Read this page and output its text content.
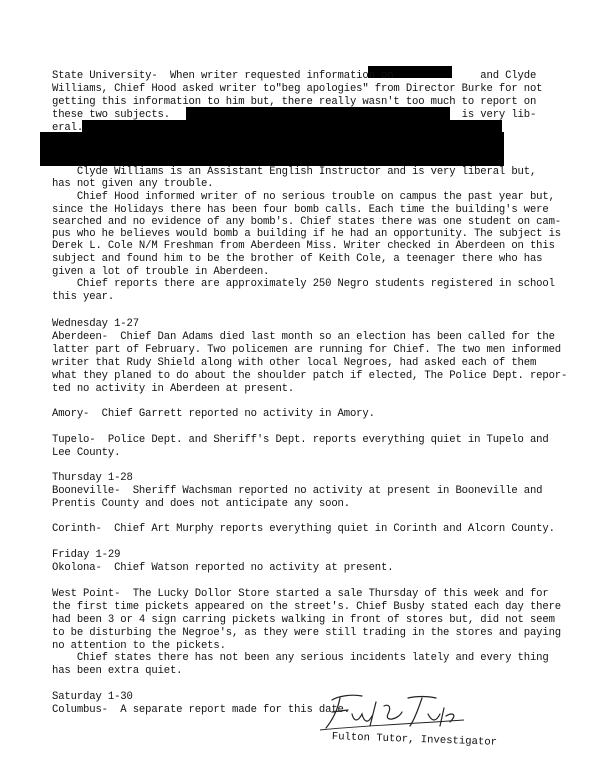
State University-  When writer requested information on              and Clyde
Williams, Chief Hood asked writer to"beg apologies" from Director Burke for not
getting this information to him but, there really wasn't too much to report on
these two subjects.                                               is very lib-
eral.
Clyde Williams is an Assistant English Instructor and is very liberal but,
has not given any trouble.
Chief Hood informed writer of no serious trouble on campus the past year but,
since the Holidays there has been four bomb calls. Each time the building's were
searched and no evidence of any bomb's. Chief states there was one student on cam-
pus who he believes would bomb a building if he had an opportunity. The subject is
Derek L. Cole N/M Freshman from Aberdeen Miss. Writer checked in Aberdeen on this
subject and found him to be the brother of Keith Cole, a teenager there who has
given a lot of trouble in Aberdeen.
Chief reports there are approximately 250 Negro students registered in school
this year.
Wednesday 1-27
Aberdeen-  Chief Dan Adams died last month so an election has been called for the
latter part of February. Two policemen are running for Chief. The two men informed
writer that Rudy Shield along with other local Negroes, had asked each of them
what they planed to do about the shoulder patch if elected, The Police Dept. repor-
ted no activity in Aberdeen at present.
Amory-  Chief Garrett reported no activity in Amory.
Tupelo-  Police Dept. and Sheriff's Dept. reports everything quiet in Tupelo and
Lee County.
Thursday 1-28
Booneville-  Sheriff Wachsman reported no activity at present in Booneville and
Prentis County and does not anticipate any soon.
Corinth-  Chief Art Murphy reports everything quiet in Corinth and Alcorn County.
Friday 1-29
Okolona-  Chief Watson reported no activity at present.
West Point-  The Lucky Dollor Store started a sale Thursday of this week and for
the first time pickets appeared on the street's. Chief Busby stated each day there
had been 3 or 4 sign carring pickets walking in front of stores but, did not seem
to be disturbing the Negroe's, as they were still trading in the stores and paying
no attention to the pickets.
Chief states there has not been any serious incidents lately and every thing
has been extra quiet.
Saturday 1-30
Columbus-  A separate report made for this date.
Fulton Tutor, Investigator
